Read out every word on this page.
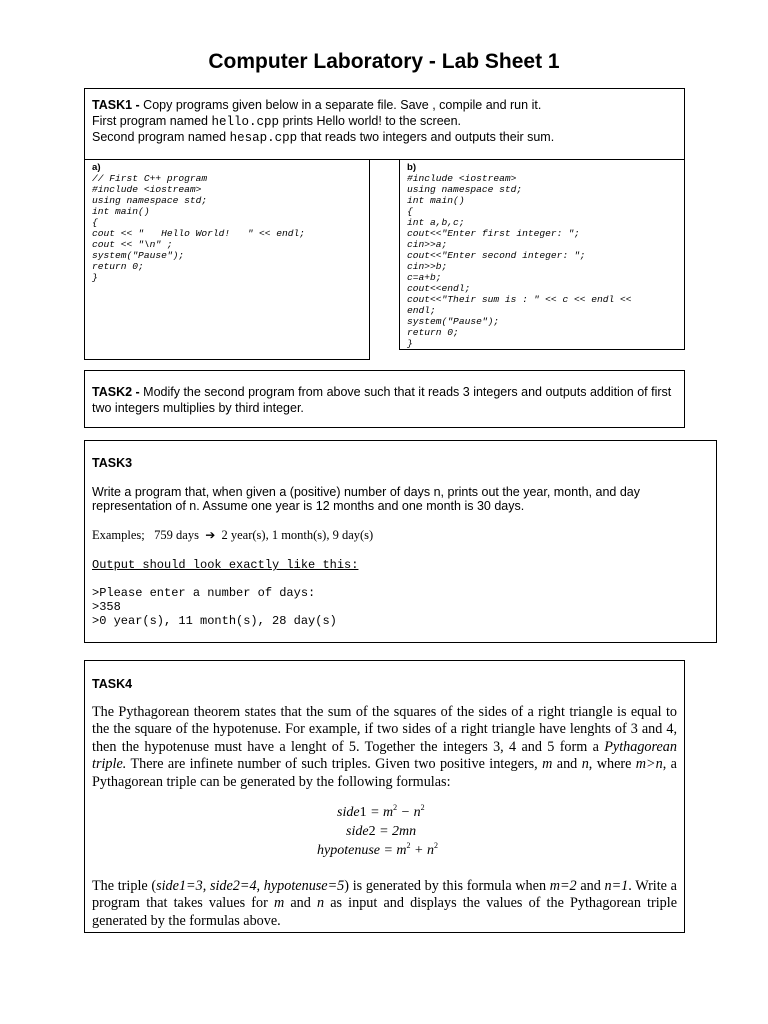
Computer Laboratory - Lab Sheet 1
TASK1 - Copy programs given below in a separate file. Save , compile and run it.
First program named hello.cpp prints Hello world! to the screen.
Second program named hesap.cpp that reads two integers and outputs their sum.
a)
// First C++ program
#include <iostream>
using namespace std;
int main()
{
cout << "   Hello World!   " << endl;
cout << "\n" ;
system("Pause");
return 0;
}
b)
#include <iostream>
using namespace std;
int main()
{
int a,b,c;
cout<<"Enter first integer: ";
cin>>a;
cout<<"Enter second integer: ";
cin>>b;
c=a+b;
cout<<endl;
cout<<"Their sum is : " << c << endl <<
endl;
system("Pause");
return 0;
}
TASK2 - Modify the second program from above such that it reads 3 integers and outputs addition of first two integers multiplies by third integer.
TASK3
Write a program that, when given a (positive) number of days n, prints out the year, month, and day representation of n. Assume one year is 12 months and one month is 30 days.
Examples; 759 days ➔ 2 year(s), 1 month(s), 9 day(s)
Output should look exactly like this:
>Please enter a number of days:
>358
>0 year(s), 11 month(s), 28 day(s)
TASK4
The Pythagorean theorem states that the sum of the squares of the sides of a right triangle is equal to the the square of the hypotenuse. For example, if two sides of a right triangle have lenghts of 3 and 4, then the hypotenuse must have a lenght of 5. Together the integers 3, 4 and 5 form a Pythagorean triple. There are infinete number of such triples. Given two positive integers, m and n, where m>n, a Pythagorean triple can be generated by the following formulas:
side1 = $m^2 - n^2$
side2 = 2mn
hypotenuse = $m^2 + n^2$
The triple (side1=3, side2=4, hypotenuse=5) is generated by this formula when m=2 and n=1. Write a program that takes values for m and n as input and displays the values of the Pythagorean triple generated by the formulas above.
